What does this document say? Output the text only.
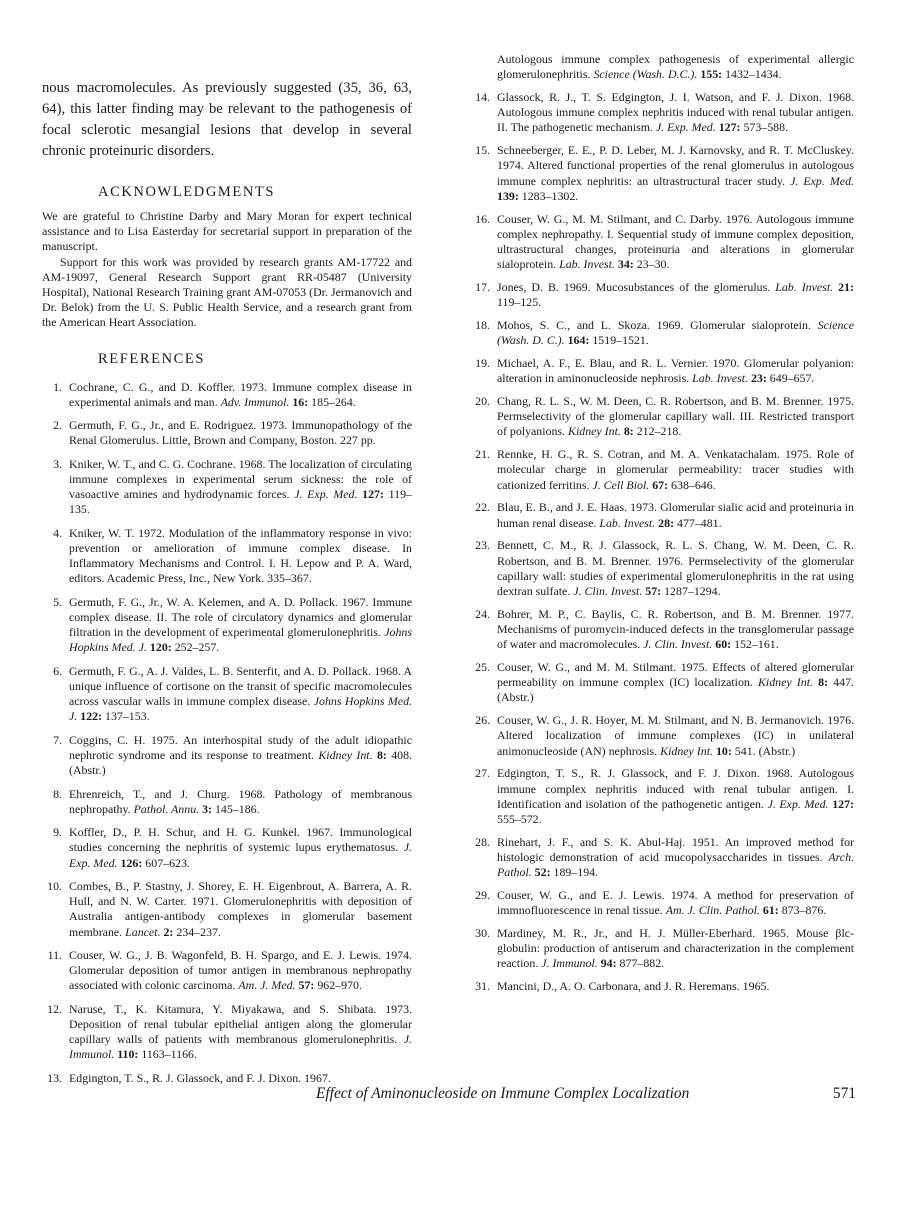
nous macromolecules. As previously suggested (35, 36, 63, 64), this latter finding may be relevant to the pathogenesis of focal sclerotic mesangial lesions that develop in several chronic proteinuric disorders.

ACKNOWLEDGMENTS

We are grateful to Christine Darby and Mary Moran for expert technical assistance and to Lisa Easterday for secretarial support in preparation of the manuscript.

Support for this work was provided by research grants AM-17722 and AM-19097, General Research Support grant RR-05487 (University Hospital), National Research Training grant AM-07053 (Dr. Jermanovich and Dr. Belok) from the U. S. Public Health Service, and a research grant from the American Heart Association.

REFERENCES
1. Cochrane, C. G., and D. Koffler. 1973. Immune complex disease in experimental animals and man. Adv. Immunol. 16: 185–264.
2. Germuth, F. G., Jr., and E. Rodriguez. 1973. Immunopathology of the Renal Glomerulus. Little, Brown and Company, Boston. 227 pp.
3. Kniker, W. T., and C. G. Cochrane. 1968. The localization of circulating immune complexes in experimental serum sickness: the role of vasoactive amines and hydrodynamic forces. J. Exp. Med. 127: 119–135.
4. Kniker, W. T. 1972. Modulation of the inflammatory response in vivo: prevention or amelioration of immune complex disease. In Inflammatory Mechanisms and Control. I. H. Lepow and P. A. Ward, editors. Academic Press, Inc., New York. 335–367.
5. Germuth, F. G., Jr., W. A. Kelemen, and A. D. Pollack. 1967. Immune complex disease. II. The role of circulatory dynamics and glomerular filtration in the development of experimental glomerulonephritis. Johns Hopkins Med. J. 120: 252–257.
6. Germuth, F. G., A. J. Valdes, L. B. Senterfit, and A. D. Pollack. 1968. A unique influence of cortisone on the transit of specific macromolecules across vascular walls in immune complex disease. Johns Hopkins Med. J. 122: 137–153.
7. Coggins, C. H. 1975. An interhospital study of the adult idiopathic nephrotic syndrome and its response to treatment. Kidney Int. 8: 408. (Abstr.)
8. Ehrenreich, T., and J. Churg. 1968. Pathology of membranous nephropathy. Pathol. Annu. 3: 145–186.
9. Koffler, D., P. H. Schur, and H. G. Kunkel. 1967. Immunological studies concerning the nephritis of systemic lupus erythematosus. J. Exp. Med. 126: 607–623.
10. Combes, B., P. Stastny, J. Shorey, E. H. Eigenbrout, A. Barrera, A. R. Hull, and N. W. Carter. 1971. Glomerulonephritis with deposition of Australia antigen-antibody complexes in glomerular basement membrane. Lancet. 2: 234–237.
11. Couser, W. G., J. B. Wagonfeld, B. H. Spargo, and E. J. Lewis. 1974. Glomerular deposition of tumor antigen in membranous nephropathy associated with colonic carcinoma. Am. J. Med. 57: 962–970.
12. Naruse, T., K. Kitamura, Y. Miyakawa, and S. Shibata. 1973. Deposition of renal tubular epithelial antigen along the glomerular capillary walls of patients with membranous glomerulonephritis. J. Immunol. 110: 1163–1166.
13. Edgington, T. S., R. J. Glassock, and F. J. Dixon. 1967.
Autologous immune complex pathogenesis of experimental allergic glomerulonephritis. Science (Wash. D.C.). 155: 1432–1434.
14. Glassock, R. J., T. S. Edgington, J. I. Watson, and F. J. Dixon. 1968. Autologous immune complex nephritis induced with renal tubular antigen. II. The pathogenetic mechanism. J. Exp. Med. 127: 573–588.
15. Schneeberger, E. E., P. D. Leber, M. J. Karnovsky, and R. T. McCluskey. 1974. Altered functional properties of the renal glomerulus in autologous immune complex nephritis: an ultrastructural tracer study. J. Exp. Med. 139: 1283–1302.
16. Couser, W. G., M. M. Stilmant, and C. Darby. 1976. Autologous immune complex nephropathy. I. Sequential study of immune complex deposition, ultrastructural changes, proteinuria and alterations in glomerular sialoprotein. Lab. Invest. 34: 23–30.
17. Jones, D. B. 1969. Mucosubstances of the glomerulus. Lab. Invest. 21: 119–125.
18. Mohos, S. C., and L. Skoza. 1969. Glomerular sialoprotein. Science (Wash. D. C.). 164: 1519–1521.
19. Michael, A. F., E. Blau, and R. L. Vernier. 1970. Glomerular polyanion: alteration in aminonucleoside nephrosis. Lab. Invest. 23: 649–657.
20. Chang, R. L. S., W. M. Deen, C. R. Robertson, and B. M. Brenner. 1975. Permselectivity of the glomerular capillary wall. III. Restricted transport of polyanions. Kidney Int. 8: 212–218.
21. Rennke, H. G., R. S. Cotran, and M. A. Venkatachalam. 1975. Role of molecular charge in glomerular permeability: tracer studies with cationized ferritins. J. Cell Biol. 67: 638–646.
22. Blau, E. B., and J. E. Haas. 1973. Glomerular sialic acid and proteinuria in human renal disease. Lab. Invest. 28: 477–481.
23. Bennett, C. M., R. J. Glassock, R. L. S. Chang, W. M. Deen, C. R. Robertson, and B. M. Brenner. 1976. Permselectivity of the glomerular capillary wall: studies of experimental glomerulonephritis in the rat using dextran sulfate. J. Clin. Invest. 57: 1287–1294.
24. Bohrer, M. P., C. Baylis, C. R. Robertson, and B. M. Brenner. 1977. Mechanisms of puromycin-induced defects in the transglomerular passage of water and macromolecules. J. Clin. Invest. 60: 152–161.
25. Couser, W. G., and M. M. Stilmant. 1975. Effects of altered glomerular permeability on immune complex (IC) localization. Kidney Int. 8: 447. (Abstr.)
26. Couser, W. G., J. R. Hoyer, M. M. Stilmant, and N. B. Jermanovich. 1976. Altered localization of immune complexes (IC) in unilateral animonucleoside (AN) nephrosis. Kidney Int. 10: 541. (Abstr.)
27. Edgington, T. S., R. J. Glassock, and F. J. Dixon. 1968. Autologous immune complex nephritis induced with renal tubular antigen. I. Identification and isolation of the pathogenetic antigen. J. Exp. Med. 127: 555–572.
28. Rinehart, J. F., and S. K. Abul-Haj. 1951. An improved method for histologic demonstration of acid mucopolysaccharides in tissues. Arch. Pathol. 52: 189–194.
29. Couser, W. G., and E. J. Lewis. 1974. A method for preservation of immnofluorescence in renal tissue. Am. J. Clin. Pathol. 61: 873–876.
30. Mardiney, M. R., Jr., and H. J. Müller-Eberhard. 1965. Mouse βlc-globulin: production of antiserum and characterization in the complement reaction. J. Immunol. 94: 877–882.
31. Mancini, D., A. O. Carbonara, and J. R. Heremans. 1965.
Effect of Aminonucleoside on Immune Complex Localization	571
